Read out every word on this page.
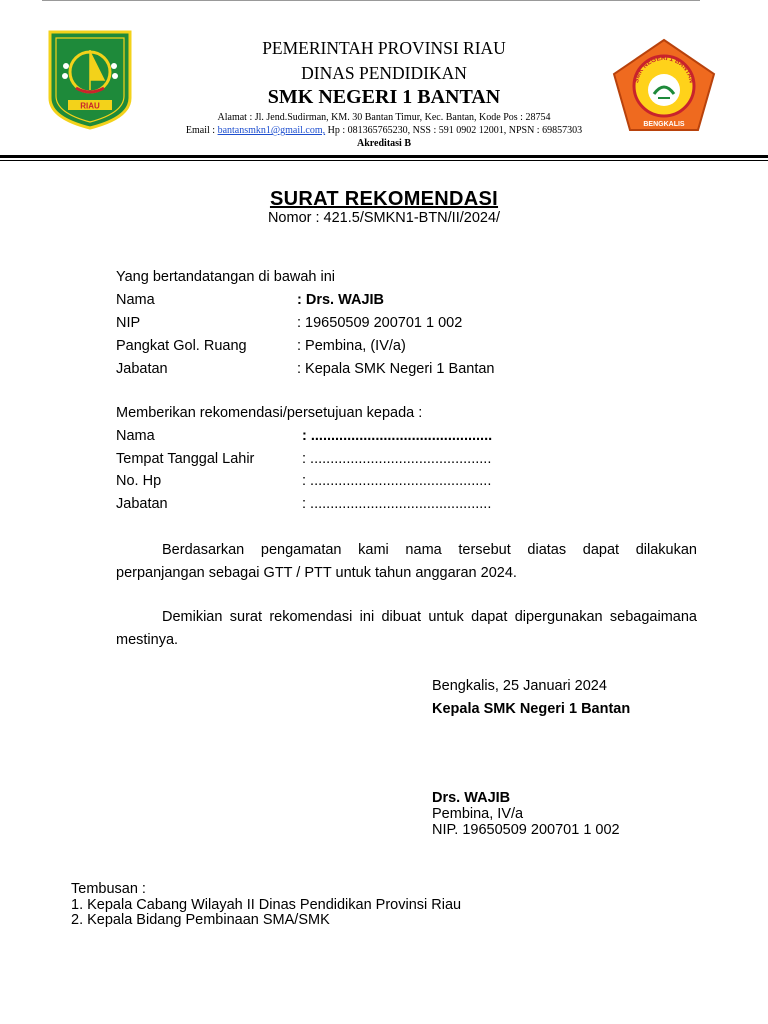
RIAU
SMK NEGERI 1 BANTAN
BENGKALIS
PEMERINTAH PROVINSI RIAU
DINAS PENDIDIKAN
SMK NEGERI 1 BANTAN
Alamat : Jl. Jend.Sudirman, KM. 30 Bantan Timur, Kec. Bantan, Kode Pos : 28754
Email : bantansmkn1@gmail.com, Hp : 081365765230, NSS : 591 0902 12001, NPSN : 69857303
Akreditasi B
SURAT REKOMENDASI
Nomor : 421.5/SMKN1-BTN/II/2024/
Yang bertandatangan di bawah ini
Nama	: Drs. WAJIB
NIP	: 19650509 200701 1 002
Pangkat Gol. Ruang	: Pembina, (IV/a)
Jabatan	: Kepala SMK Negeri 1 Bantan
Memberikan rekomendasi/persetujuan kepada :
Nama	: .............................................
Tempat Tanggal Lahir	: .............................................
No. Hp	: .............................................
Jabatan	: .............................................
Berdasarkan pengamatan kami nama tersebut diatas dapat dilakukan perpanjangan sebagai GTT / PTT untuk tahun anggaran 2024.
Demikian surat rekomendasi ini dibuat untuk dapat dipergunakan sebagaimana mestinya.
Bengkalis, 25 Januari 2024
Kepala SMK Negeri 1 Bantan
Drs. WAJIB
Pembina, IV/a
NIP. 19650509 200701 1 002
Tembusan :
1. Kepala Cabang Wilayah II Dinas Pendidikan Provinsi Riau
2. Kepala Bidang Pembinaan SMA/SMK
